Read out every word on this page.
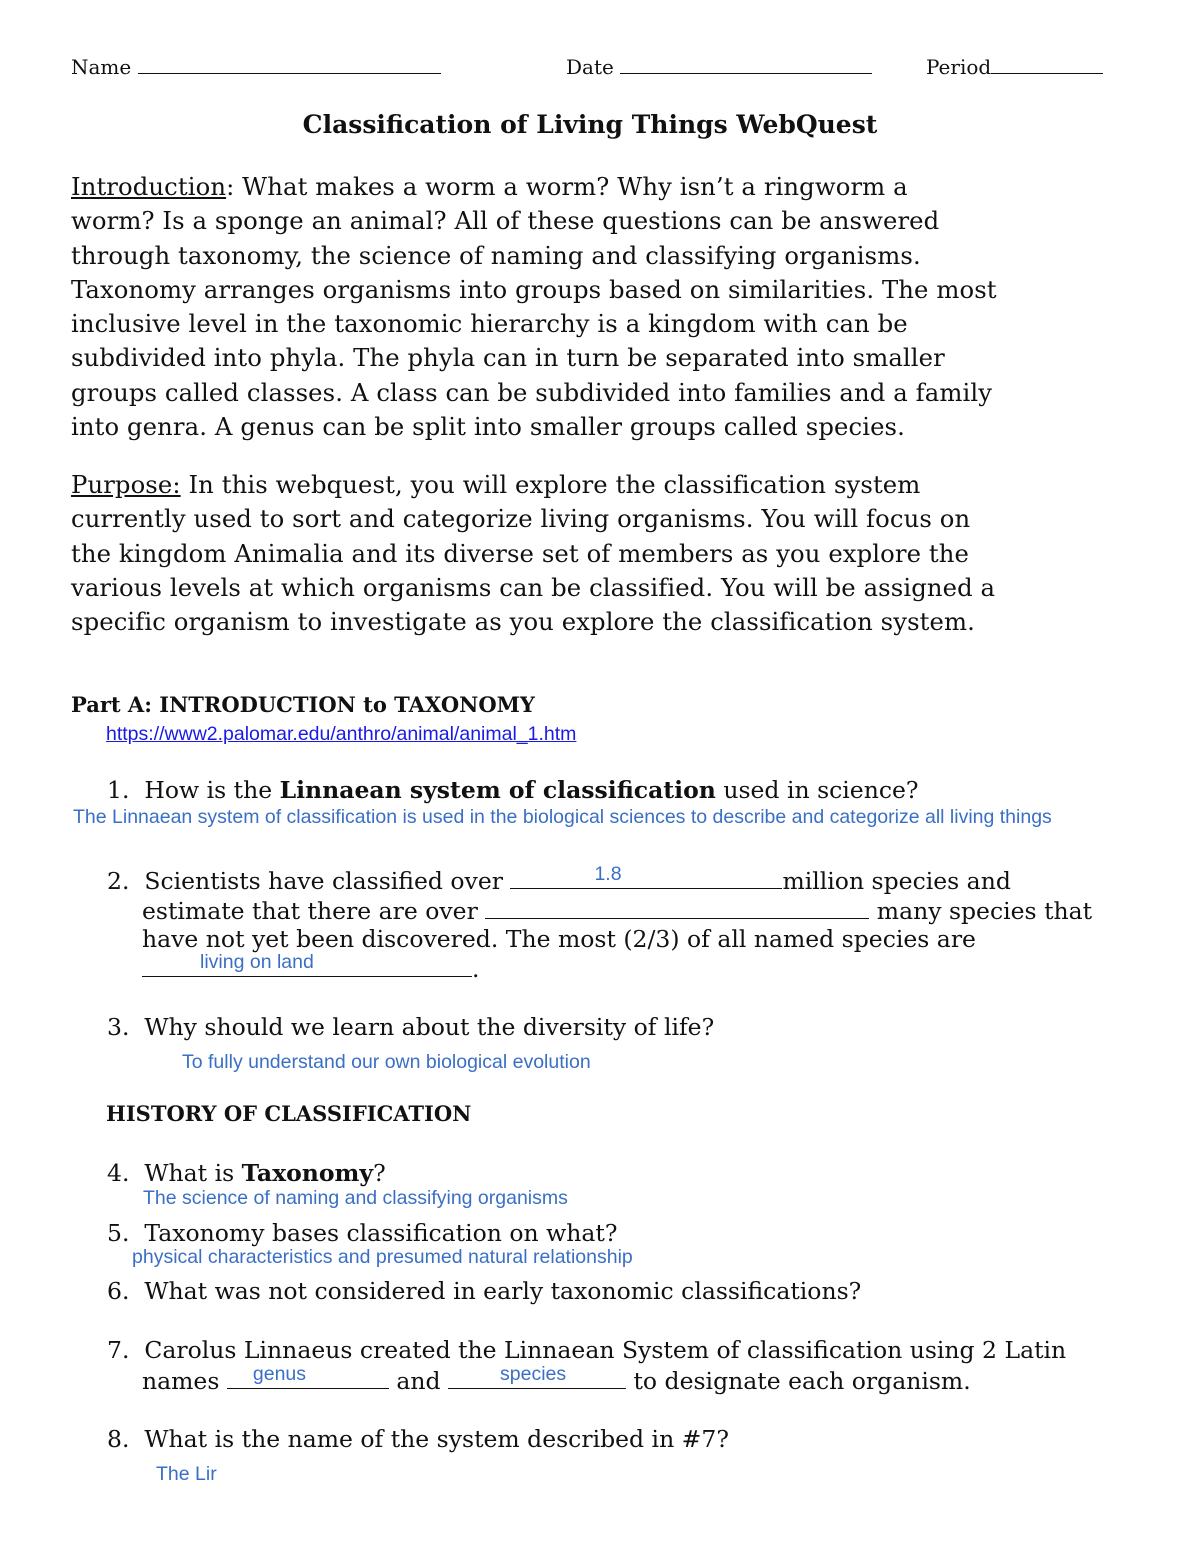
Name	Date	Period
Classification of Living Things WebQuest
Introduction: What makes a worm a worm? Why isn’t a ringworm a
worm? Is a sponge an animal? All of these questions can be answered
through taxonomy, the science of naming and classifying organisms.
Taxonomy arranges organisms into groups based on similarities. The most
inclusive level in the taxonomic hierarchy is a kingdom with can be
subdivided into phyla. The phyla can in turn be separated into smaller
groups called classes. A class can be subdivided into families and a family
into genra. A genus can be split into smaller groups called species.
Purpose: In this webquest, you will explore the classification system
currently used to sort and categorize living organisms. You will focus on
the kingdom Animalia and its diverse set of members as you explore the
various levels at which organisms can be classified. You will be assigned a
specific organism to investigate as you explore the classification system.
Part A: INTRODUCTION to TAXONOMY
https://www2.palomar.edu/anthro/animal/animal_1.htm
1. How is the Linnaean system of classification used in science?
The Linnaean system of classification is used in the biological sciences to describe and categorize all living things
2. Scientists have classified over	1.8	million species and
estimate that there are over	many species that
have not yet been discovered. The most (2/3) of all named species are
living on land	.
3. Why should we learn about the diversity of life?
To fully understand our own biological evolution
HISTORY OF CLASSIFICATION
4. What is Taxonomy?
The science of naming and classifying organisms
5. Taxonomy bases classification on what?
physical characteristics and presumed natural relationship
6. What was not considered in early taxonomic classifications?
7. Carolus Linnaeus created the Linnaean System of classification using 2 Latin
names genus	and	species	to designate each organism.
8. What is the name of the system described in #7?
The Lir
